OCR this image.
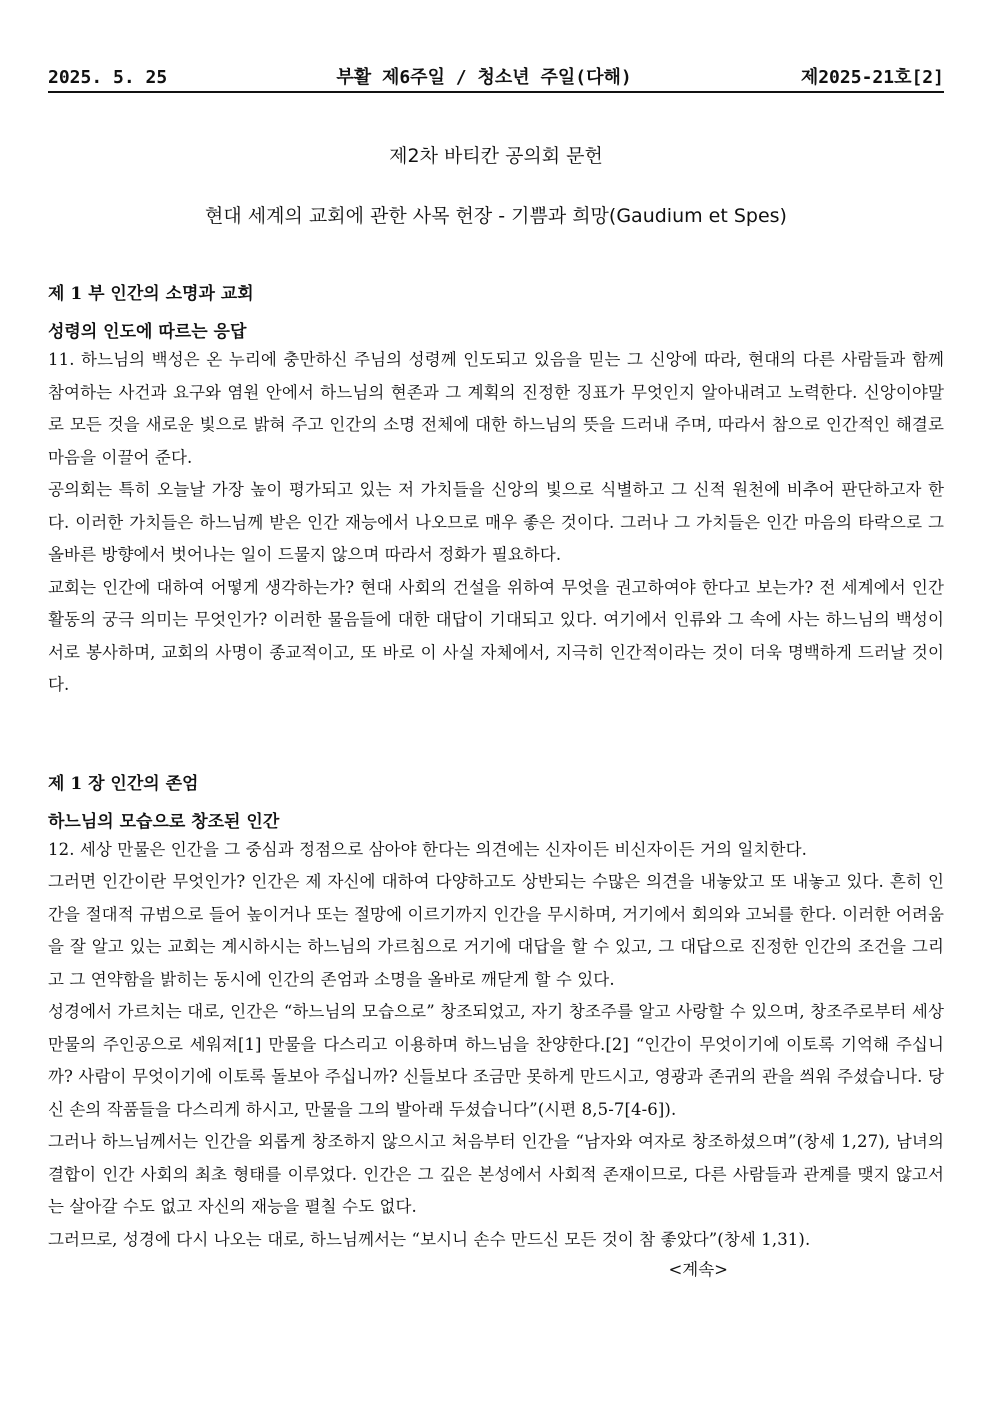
2025. 5. 25	부활 제6주일 / 청소년 주일(다해)	제2025-21호[2]

제2차 바티칸 공의회 문헌

현대 세계의 교회에 관한 사목 헌장 - 기쁨과 희망(Gaudium et Spes)

제 1 부 인간의 소명과 교회

성령의 인도에 따르는 응답

11. 하느님의 백성은 온 누리에 충만하신 주님의 성령께 인도되고 있음을 믿는 그 신앙에 따라, 현대의 다른 사람들과 함께 참여하는 사건과 요구와 염원 안에서 하느님의 현존과 그 계획의 진정한 징표가 무엇인지 알아내려고 노력한다. 신앙이야말로 모든 것을 새로운 빛으로 밝혀 주고 인간의 소명 전체에 대한 하느님의 뜻을 드러내 주며, 따라서 참으로 인간적인 해결로 마음을 이끌어 준다.

공의회는 특히 오늘날 가장 높이 평가되고 있는 저 가치들을 신앙의 빛으로 식별하고 그 신적 원천에 비추어 판단하고자 한다. 이러한 가치들은 하느님께 받은 인간 재능에서 나오므로 매우 좋은 것이다. 그러나 그 가치들은 인간 마음의 타락으로 그 올바른 방향에서 벗어나는 일이 드물지 않으며 따라서 정화가 필요하다.

교회는 인간에 대하여 어떻게 생각하는가? 현대 사회의 건설을 위하여 무엇을 권고하여야 한다고 보는가? 전 세계에서 인간 활동의 궁극 의미는 무엇인가? 이러한 물음들에 대한 대답이 기대되고 있다. 여기에서 인류와 그 속에 사는 하느님의 백성이 서로 봉사하며, 교회의 사명이 종교적이고, 또 바로 이 사실 자체에서, 지극히 인간적이라는 것이 더욱 명백하게 드러날 것이다.

제 1 장 인간의 존엄

하느님의 모습으로 창조된 인간

12. 세상 만물은 인간을 그 중심과 정점으로 삼아야 한다는 의견에는 신자이든 비신자이든 거의 일치한다.

그러면 인간이란 무엇인가? 인간은 제 자신에 대하여 다양하고도 상반되는 수많은 의견을 내놓았고 또 내놓고 있다. 흔히 인간을 절대적 규범으로 들어 높이거나 또는 절망에 이르기까지 인간을 무시하며, 거기에서 회의와 고뇌를 한다. 이러한 어려움을 잘 알고 있는 교회는 계시하시는 하느님의 가르침으로 거기에 대답을 할 수 있고, 그 대답으로 진정한 인간의 조건을 그리고 그 연약함을 밝히는 동시에 인간의 존엄과 소명을 올바로 깨닫게 할 수 있다.

성경에서 가르치는 대로, 인간은 “하느님의 모습으로” 창조되었고, 자기 창조주를 알고 사랑할 수 있으며, 창조주로부터 세상 만물의 주인공으로 세워져[1] 만물을 다스리고 이용하며 하느님을 찬양한다.[2] “인간이 무엇이기에 이토록 기억해 주십니까? 사람이 무엇이기에 이토록 돌보아 주십니까? 신들보다 조금만 못하게 만드시고, 영광과 존귀의 관을 씌워 주셨습니다. 당신 손의 작품들을 다스리게 하시고, 만물을 그의 발아래 두셨습니다”(시편 8,5-7[4-6]).

그러나 하느님께서는 인간을 외롭게 창조하지 않으시고 처음부터 인간을 “남자와 여자로 창조하셨으며”(창세 1,27), 남녀의 결합이 인간 사회의 최초 형태를 이루었다. 인간은 그 깊은 본성에서 사회적 존재이므로, 다른 사람들과 관계를 맺지 않고서는 살아갈 수도 없고 자신의 재능을 펼칠 수도 없다.

그러므로, 성경에 다시 나오는 대로, 하느님께서는 “보시니 손수 만드신 모든 것이 참 좋았다”(창세 1,31).

<계속>
